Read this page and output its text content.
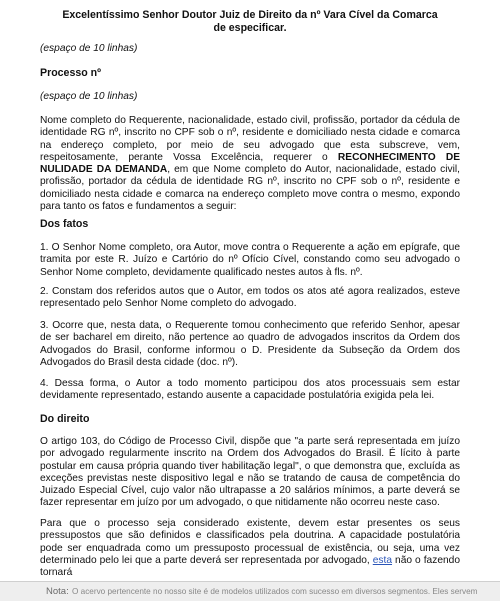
Excelentíssimo Senhor Doutor Juiz de Direito da nº Vara Cível da Comarca
de especificar.
(espaço de 10 linhas)
Processo nº
(espaço de 10 linhas)
Nome completo do Requerente, nacionalidade, estado civil, profissão, portador da cédula de identidade RG nº, inscrito no CPF sob o nº, residente e domiciliado nesta cidade e comarca na endereço completo, por meio de seu advogado que esta subscreve, vem, respeitosamente, perante Vossa Excelência, requerer o RECONHECIMENTO DE NULIDADE DA DEMANDA, em que Nome completo do Autor, nacionalidade, estado civil, profissão, portador da cédula de identidade RG nº, inscrito no CPF sob o nº, residente e domiciliado nesta cidade e comarca na endereço completo move contra o mesmo, expondo para tanto os fatos e fundamentos a seguir:
Dos fatos
1. O Senhor Nome completo, ora Autor, move contra o Requerente a ação em epígrafe, que tramita por este R. Juízo e Cartório do nº Ofício Cível, constando como seu advogado o Senhor Nome completo, devidamente qualificado nestes autos à fls. nº.
2. Constam dos referidos autos que o Autor, em todos os atos até agora realizados, esteve representado pelo Senhor Nome completo do advogado.
3. Ocorre que, nesta data, o Requerente tomou conhecimento que referido Senhor, apesar de ser bacharel em direito, não pertence ao quadro de advogados inscritos da Ordem dos Advogados do Brasil, conforme informou o D. Presidente da Subseção da Ordem dos Advogados do Brasil desta cidade (doc. nº).
4. Dessa forma, o Autor a todo momento participou dos atos processuais sem estar devidamente representado, estando ausente a capacidade postulatória exigida pela lei.
Do direito
O artigo 103, do Código de Processo Civil, dispõe que "a parte será representada em juízo por advogado regularmente inscrito na Ordem dos Advogados do Brasil. É lícito à parte postular em causa própria quando tiver habilitação legal", o que demonstra que, excluída as exceções previstas neste dispositivo legal e não se tratando de causa de competência do Juizado Especial Cível, cujo valor não ultrapasse a 20 salários mínimos, a parte deverá se fazer representar em juízo por um advogado, o que nitidamente não ocorreu neste caso.
Para que o processo seja considerado existente, devem estar presentes os seus pressupostos que são definidos e classificados pela doutrina. A capacidade postulatória pode ser enquadrada como um pressuposto processual de existência, ou seja, uma vez determinado pelo lei que a parte deverá ser representada por advogado, esta não o fazendo tornará
Nota: O acervo pertencente no nosso site é de modelos utilizados com sucesso em diversos segmentos. Eles servem
